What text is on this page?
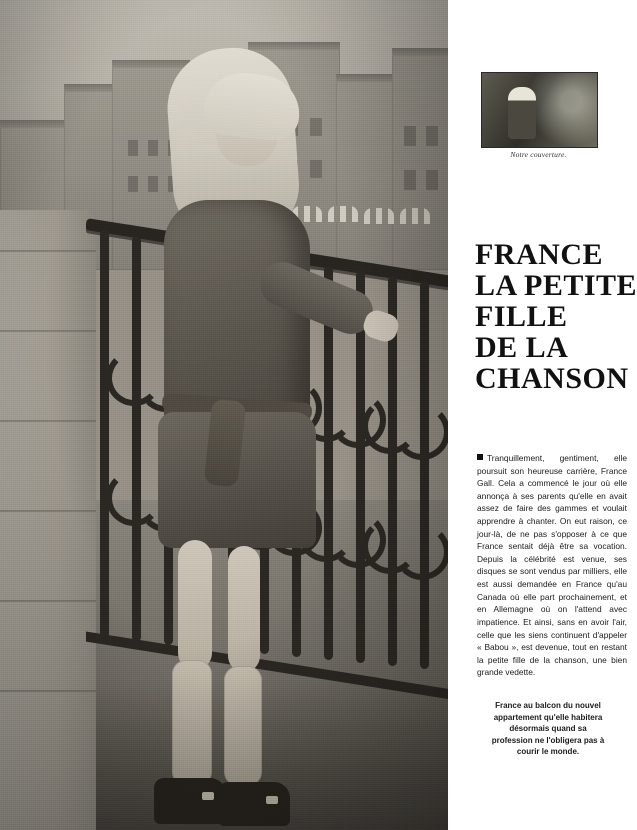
Notre couverture.
FRANCE
LA PETITE
FILLE
DE LA
CHANSON
Tranquillement, gentiment, elle poursuit son heureuse carrière, France Gall. Cela a commencé le jour où elle annonça à ses parents qu'elle en avait assez de faire des gammes et voulait apprendre à chanter. On eut raison, ce jour-là, de ne pas s'opposer à ce que France sentait déjà être sa vocation. Depuis la célébrité est venue, ses disques se sont vendus par milliers, elle est aussi demandée en France qu'au Canada où elle part prochainement, et en Allemagne où on l'attend avec impatience. Et ainsi, sans en avoir l'air, celle que les siens continuent d'appeler « Babou », est devenue, tout en restant la petite fille de la chanson, une bien grande vedette.
France au balcon du nouvel appartement qu'elle habitera désormais quand sa profession ne l'obligera pas à courir le monde.
